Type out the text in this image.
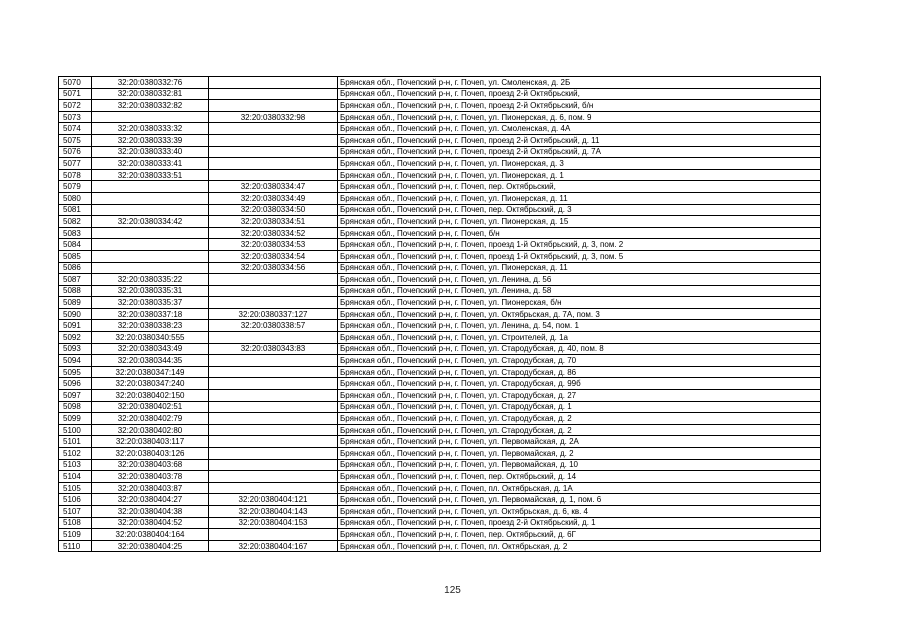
5070	32:20:0380332:76		Брянская обл., Почепский р-н, г. Почеп, ул. Смоленская, д. 2Б
5071	32:20:0380332:81		Брянская обл., Почепский р-н, г. Почеп, проезд 2-й Октябрьский,
5072	32:20:0380332:82		Брянская обл., Почепский р-н, г. Почеп, проезд 2-й Октябрьский, б/н
5073		32:20:0380332:98	Брянская обл., Почепский р-н, г. Почеп, ул. Пионерская, д. 6, пом. 9
5074	32:20:0380333:32		Брянская обл., Почепский р-н, г. Почеп, ул. Смоленская, д. 4А
5075	32:20:0380333:39		Брянская обл., Почепский р-н, г. Почеп, проезд 2-й Октябрьский, д. 11
5076	32:20:0380333:40		Брянская обл., Почепский р-н, г. Почеп, проезд 2-й Октябрьский, д. 7А
5077	32:20:0380333:41		Брянская обл., Почепский р-н, г. Почеп, ул. Пионерская, д. 3
5078	32:20:0380333:51		Брянская обл., Почепский р-н, г. Почеп, ул. Пионерская, д. 1
5079		32:20:0380334:47	Брянская обл., Почепский р-н, г. Почеп, пер. Октябрьский,
5080		32:20:0380334:49	Брянская обл., Почепский р-н, г. Почеп, ул. Пионерская, д. 11
5081		32:20:0380334:50	Брянская обл., Почепский р-н, г. Почеп, пер. Октябрьский, д. 3
5082	32:20:0380334:42	32:20:0380334:51	Брянская обл., Почепский р-н, г. Почеп, ул. Пионерская, д. 15
5083		32:20:0380334:52	Брянская обл., Почепский р-н, г. Почеп, б/н
5084		32:20:0380334:53	Брянская обл., Почепский р-н, г. Почеп, проезд 1-й Октябрьский, д. 3, пом. 2
5085		32:20:0380334:54	Брянская обл., Почепский р-н, г. Почеп, проезд 1-й Октябрьский, д. 3, пом. 5
5086		32:20:0380334:56	Брянская обл., Почепский р-н, г. Почеп, ул. Пионерская, д. 11
5087	32:20:0380335:22		Брянская обл., Почепский р-н, г. Почеп, ул. Ленина, д. 56
5088	32:20:0380335:31		Брянская обл., Почепский р-н, г. Почеп, ул. Ленина, д. 58
5089	32:20:0380335:37		Брянская обл., Почепский р-н, г. Почеп, ул. Пионерская, б/н
5090	32:20:0380337:18	32:20:0380337:127	Брянская обл., Почепский р-н, г. Почеп, ул. Октябрьская, д. 7А, пом. 3
5091	32:20:0380338:23	32:20:0380338:57	Брянская обл., Почепский р-н, г. Почеп, ул. Ленина, д. 54, пом. 1
5092	32:20:0380340:555		Брянская обл., Почепский р-н, г. Почеп, ул. Строителей, д. 1а
5093	32:20:0380343:49	32:20:0380343:83	Брянская обл., Почепский р-н, г. Почеп, ул. Стародубская, д. 40, пом. 8
5094	32:20:0380344:35		Брянская обл., Почепский р-н, г. Почеп, ул. Стародубская, д. 70
5095	32:20:0380347:149		Брянская обл., Почепский р-н, г. Почеп, ул. Стародубская, д. 86
5096	32:20:0380347:240		Брянская обл., Почепский р-н, г. Почеп, ул. Стародубская, д. 99б
5097	32:20:0380402:150		Брянская обл., Почепский р-н, г. Почеп, ул. Стародубская, д. 27
5098	32:20:0380402:51		Брянская обл., Почепский р-н, г. Почеп, ул. Стародубская, д. 1
5099	32:20:0380402:79		Брянская обл., Почепский р-н, г. Почеп, ул. Стародубская, д. 2
5100	32:20:0380402:80		Брянская обл., Почепский р-н, г. Почеп, ул. Стародубская, д. 2
5101	32:20:0380403:117		Брянская обл., Почепский р-н, г. Почеп, ул. Первомайская, д. 2А
5102	32:20:0380403:126		Брянская обл., Почепский р-н, г. Почеп, ул. Первомайская, д. 2
5103	32:20:0380403:68		Брянская обл., Почепский р-н, г. Почеп, ул. Первомайская, д. 10
5104	32:20:0380403:78		Брянская обл., Почепский р-н, г. Почеп, пер. Октябрьский, д. 14
5105	32:20:0380403:87		Брянская обл., Почепский р-н, г. Почеп, пл. Октябрьская, д. 1А
5106	32:20:0380404:27	32:20:0380404:121	Брянская обл., Почепский р-н, г. Почеп, ул. Первомайская, д. 1, пом. 6
5107	32:20:0380404:38	32:20:0380404:143	Брянская обл., Почепский р-н, г. Почеп, ул. Октябрьская, д. 6, кв. 4
5108	32:20:0380404:52	32:20:0380404:153	Брянская обл., Почепский р-н, г. Почеп, проезд 2-й Октябрьский, д. 1
5109	32:20:0380404:164		Брянская обл., Почепский р-н, г. Почеп, пер. Октябрьский, д. 6Г
5110	32:20:0380404:25	32:20:0380404:167	Брянская обл., Почепский р-н, г. Почеп, пл. Октябрьская, д. 2
125
